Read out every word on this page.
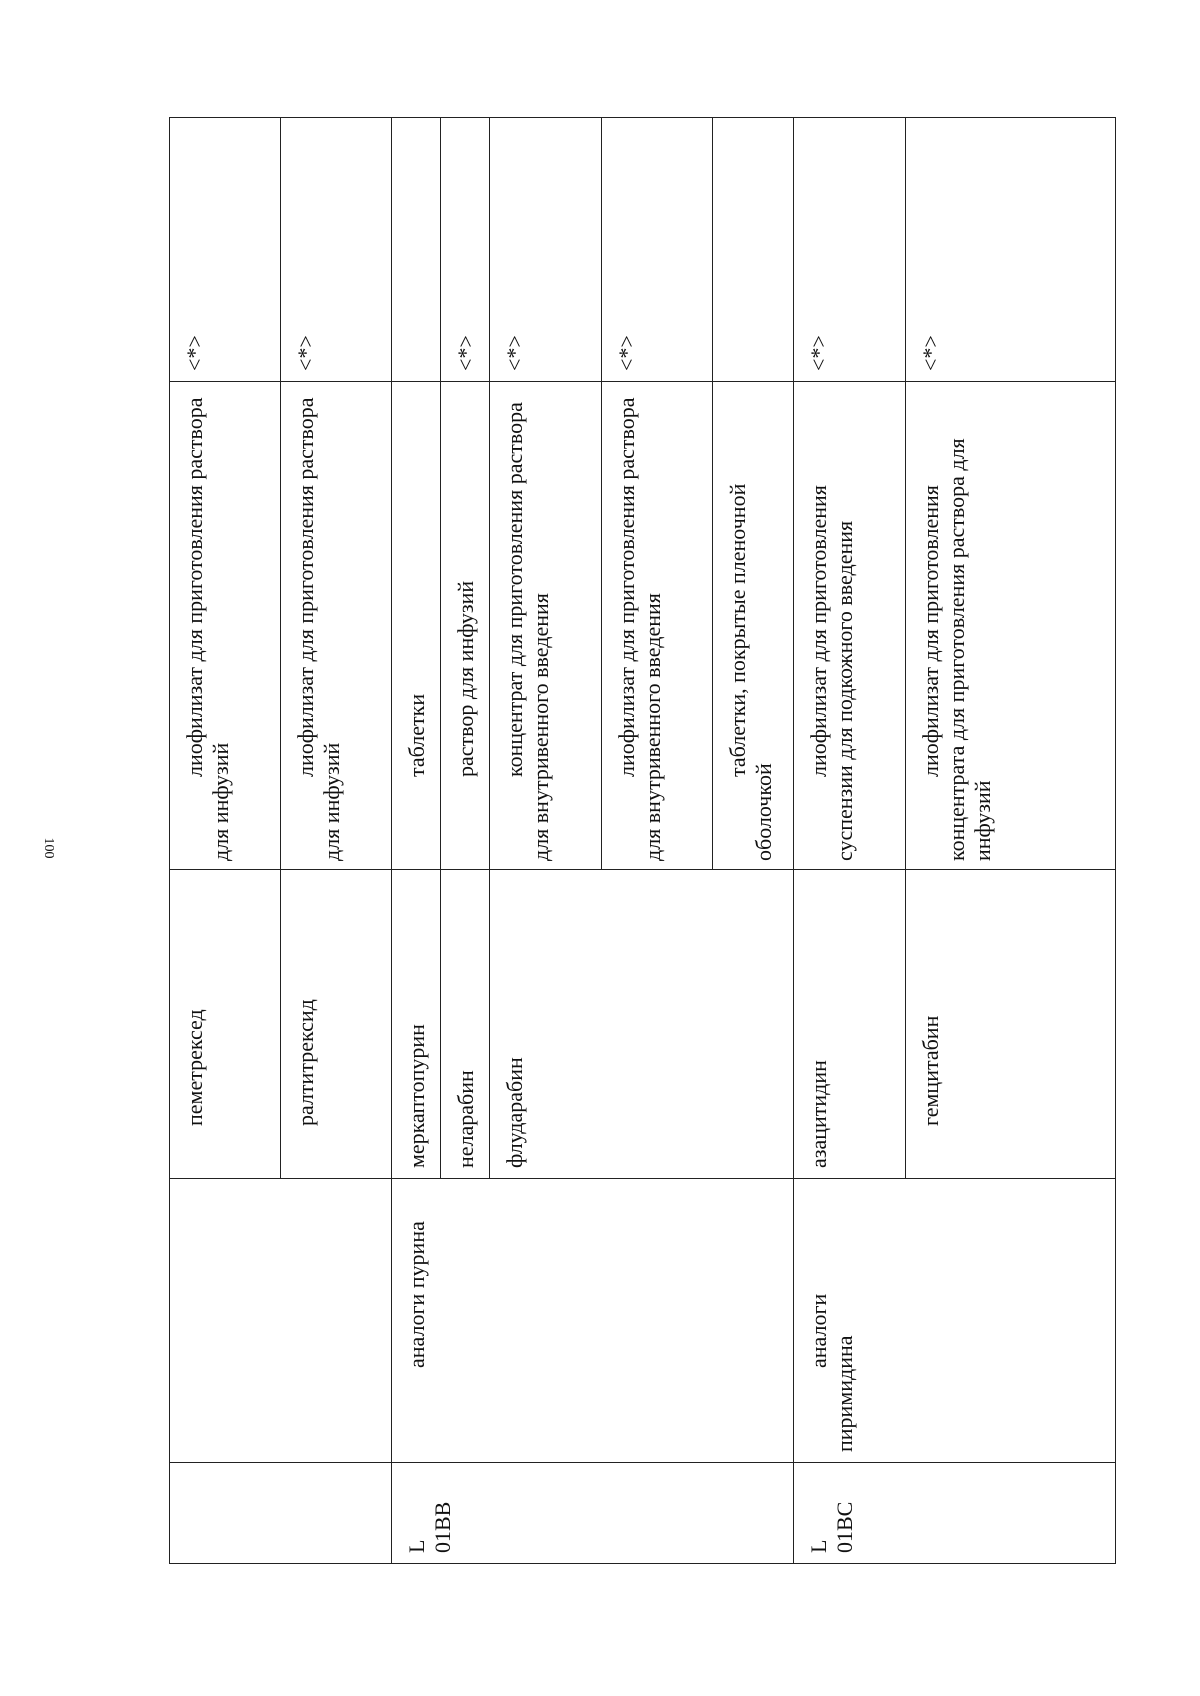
100
		пеметрексед	лиофилизат для приготовления раствора для инфузий	<*>
		ралтитрексид	лиофилизат для приготовления раствора для инфузий	<*>
L
01BB	аналоги пурина	меркаптопурин	таблетки	
		неларабин	раствор для инфузий	<*>
		флударабин	концентрат для приготовления раствора для внутривенного введения	<*>
			лиофилизат для приготовления раствора для внутривенного введения	<*>
			таблетки, покрытые пленочной оболочкой	
L
01BC	аналоги пиримидина	азацитидин	лиофилизат для приготовления суспензии для подкожного введения	<*>
		гемцитабин	лиофилизат для приготовления концентрата для приготовления раствора для инфузий	<*>
